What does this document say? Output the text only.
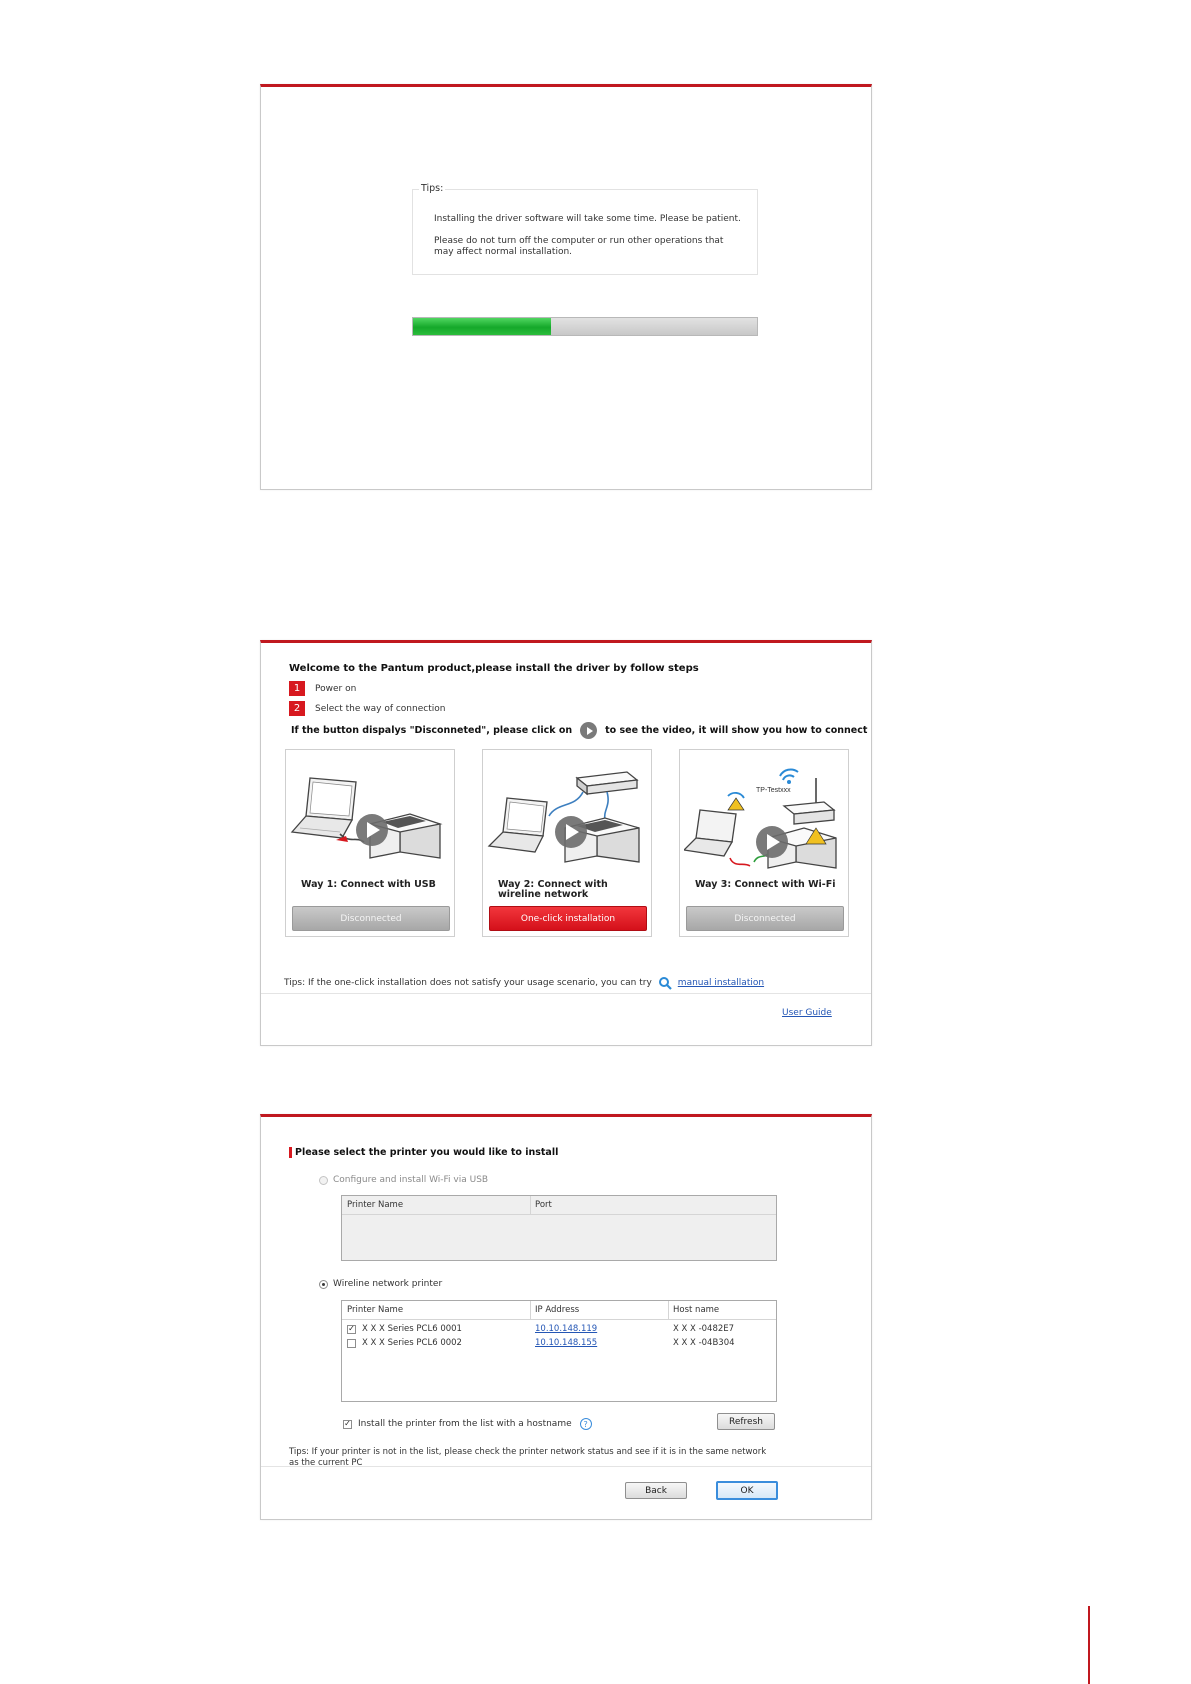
Tips:
Installing the driver software will take some time. Please be patient.
Please do not turn off the computer or run other operations that may affect normal installation.
Welcome to the Pantum product,please install the driver by follow steps
1	Power on
2	Select the way of connection
If the button dispalys "Disconneted", please click on	to see the video, it will show you how to connect
Way 1: Connect with USB
Disconnected
Way 2: Connect with wireline network
One-click installation
TP-Testxxx
Way 3: Connect with Wi-Fi
Disconnected
Tips: If the one-click installation does not satisfy your usage scenario, you can try	manual installation
User Guide
Please select the printer you would like to install
Configure and install Wi-Fi via USB
Printer Name	Port
Wireline network printer
Printer Name	IP Address	Host name
✓ X X X Series PCL6 0001	10.10.148.119	X X X -0482E7
X X X Series PCL6 0002	10.10.148.155	X X X -04B304
✓ Install the printer from the list with a hostname	?	Refresh
Tips: If your printer is not in the list, please check the printer network status and see if it is in the same network as the current PC
Back	OK
